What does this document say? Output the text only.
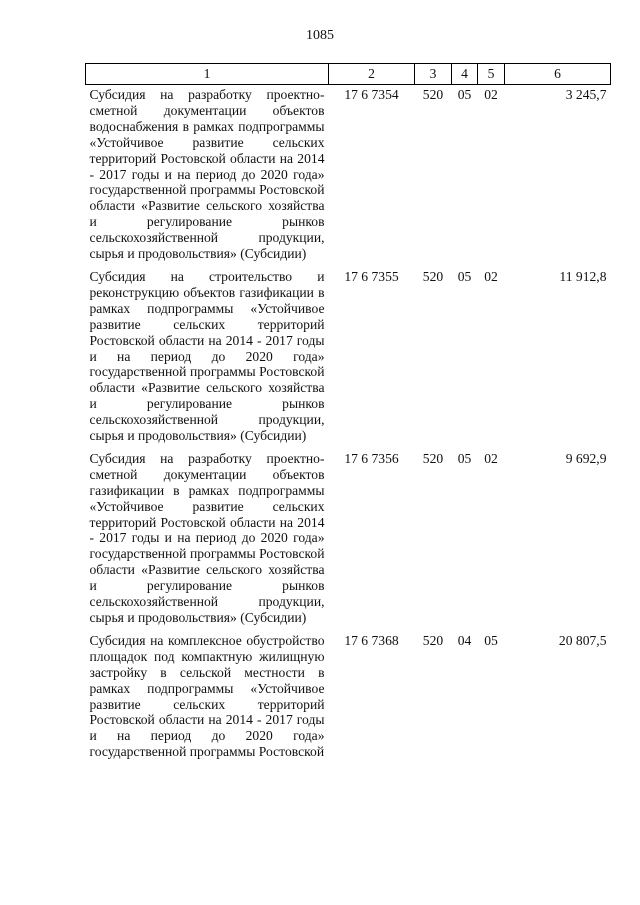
1085
1	2	3	4	5	6
Субсидия на разработку проектно-сметной документации объектов водоснабжения в рамках подпрограммы «Устойчивое развитие сельских территорий Ростовской области на 2014 - 2017 годы и на период до 2020 года» государственной программы Ростовской области «Развитие сельского хозяйства и регулирование рынков сельскохозяйственной продукции, сырья и продовольствия» (Субсидии)	17 6 7354	520	05	02	3 245,7
Субсидия на строительство и реконструкцию объектов газификации в рамках подпрограммы «Устойчивое развитие сельских территорий Ростовской области на 2014 - 2017 годы и на период до 2020 года» государственной программы Ростовской области «Развитие сельского хозяйства и регулирование рынков сельскохозяйственной продукции, сырья и продовольствия» (Субсидии)	17 6 7355	520	05	02	11 912,8
Субсидия на разработку проектно-сметной документации объектов газификации в рамках подпрограммы «Устойчивое развитие сельских территорий Ростовской области на 2014 - 2017 годы и на период до 2020 года» государственной программы Ростовской области «Развитие сельского хозяйства и регулирование рынков сельскохозяйственной продукции, сырья и продовольствия» (Субсидии)	17 6 7356	520	05	02	9 692,9
Субсидия на комплексное обустройство площадок под компактную жилищную застройку в сельской местности в рамках подпрограммы «Устойчивое развитие сельских территорий Ростовской области на 2014 - 2017 годы и на период до 2020 года» государственной программы Ростовской	17 6 7368	520	04	05	20 807,5
